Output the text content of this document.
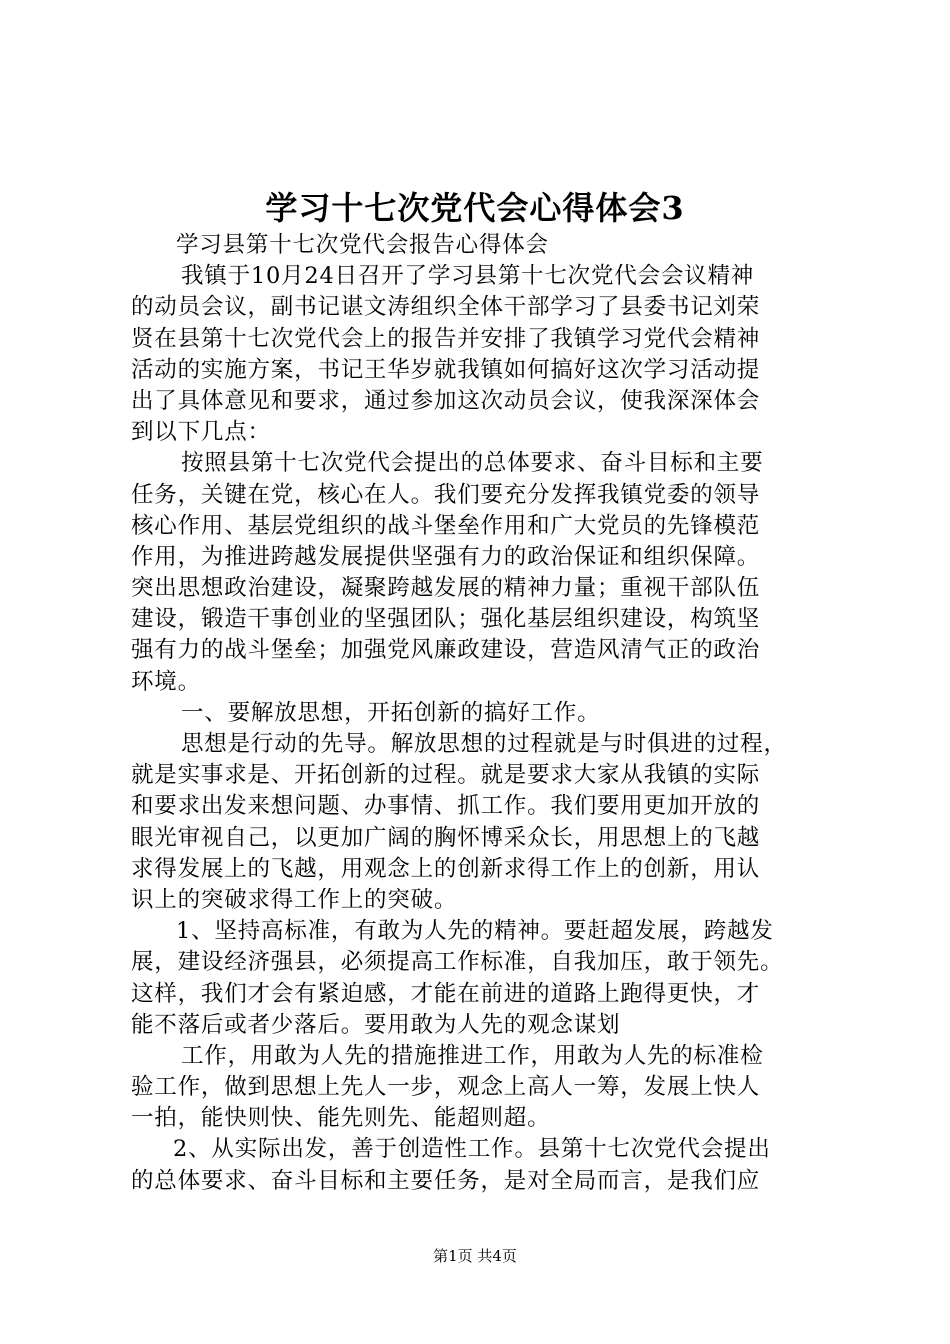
学习十七次党代会心得体会3
学习县第十七次党代会报告心得体会
我镇于10月24日召开了学习县第十七次党代会会议精神
的动员会议，副书记谌文涛组织全体干部学习了县委书记刘荣
贤在县第十七次党代会上的报告并安排了我镇学习党代会精神
活动的实施方案，书记王华岁就我镇如何搞好这次学习活动提
出了具体意见和要求，通过参加这次动员会议，使我深深体会
到以下几点：
按照县第十七次党代会提出的总体要求、奋斗目标和主要
任务，关键在党，核心在人。我们要充分发挥我镇党委的领导
核心作用、基层党组织的战斗堡垒作用和广大党员的先锋模范
作用，为推进跨越发展提供坚强有力的政治保证和组织保障。
突出思想政治建设，凝聚跨越发展的精神力量；重视干部队伍
建设，锻造干事创业的坚强团队；强化基层组织建设，构筑坚
强有力的战斗堡垒；加强党风廉政建设，营造风清气正的政治
环境。
一、要解放思想，开拓创新的搞好工作。
思想是行动的先导。解放思想的过程就是与时俱进的过程，
就是实事求是、开拓创新的过程。就是要求大家从我镇的实际
和要求出发来想问题、办事情、抓工作。我们要用更加开放的
眼光审视自己，以更加广阔的胸怀博采众长，用思想上的飞越
求得发展上的飞越，用观念上的创新求得工作上的创新，用认
识上的突破求得工作上的突破。
1、坚持高标准，有敢为人先的精神。要赶超发展，跨越发
展，建设经济强县，必须提高工作标准，自我加压，敢于领先。
这样，我们才会有紧迫感，才能在前进的道路上跑得更快，才
能不落后或者少落后。要用敢为人先的观念谋划
工作，用敢为人先的措施推进工作，用敢为人先的标准检
验工作，做到思想上先人一步，观念上高人一筹，发展上快人
一拍，能快则快、能先则先、能超则超。
2、从实际出发，善于创造性工作。县第十七次党代会提出
的总体要求、奋斗目标和主要任务，是对全局而言，是我们应
第1页 共4页
